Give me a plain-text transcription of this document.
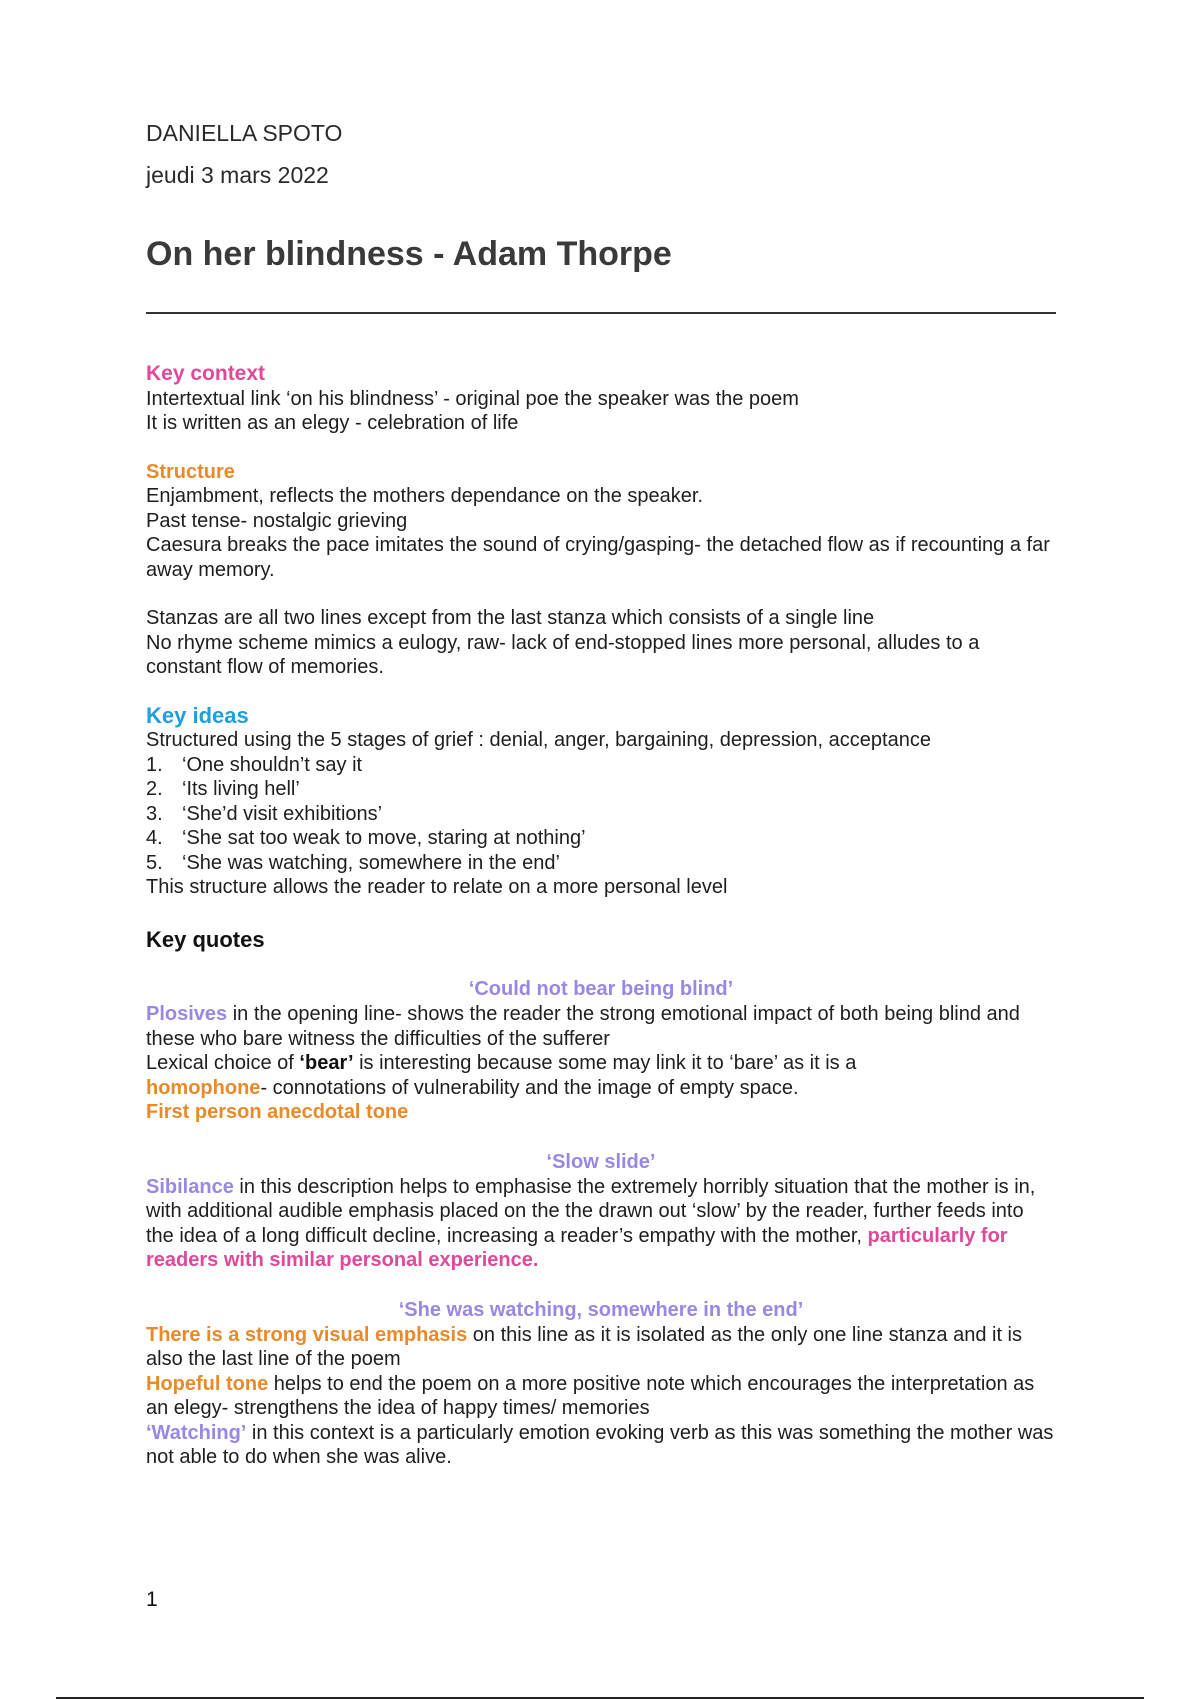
DANIELLA SPOTO

jeudi 3 mars 2022

On her blindness - Adam Thorpe

Key context

Intertextual link ‘on his blindness’ - original poe the speaker was the poem

It is written as an elegy - celebration of life

Structure

Enjambment, reflects the mothers dependance on the speaker.

Past tense- nostalgic grieving

Caesura breaks the pace imitates the sound of crying/gasping- the detached flow as if recounting a far away memory.

Stanzas are all two lines except from the last stanza which consists of a single line

No rhyme scheme mimics a eulogy, raw- lack of end-stopped lines more personal, alludes to a constant flow of memories.

Key ideas

Structured using the 5 stages of grief : denial, anger, bargaining, depression, acceptance

1. ‘One shouldn’t say it
2. ‘Its living hell’
3. ‘She’d visit exhibitions’
4. ‘She sat too weak to move, staring at nothing’
5. ‘She was watching, somewhere in the end’

This structure allows the reader to relate on a more personal level

Key quotes
‘Could not bear being blind’

Plosives in the opening line- shows the reader the strong emotional impact of both being blind and these who bare witness the difficulties of the sufferer

Lexical choice of ‘bear’ is interesting because some may link it to ‘bare’ as it is a

homophone- connotations of vulnerability and the image of empty space.

First person anecdotal tone

‘Slow slide’

Sibilance in this description helps to emphasise the extremely horribly situation that the mother is in, with additional audible emphasis placed on the the drawn out ‘slow’ by the reader, further feeds into the idea of a long difficult decline, increasing a reader’s empathy with the mother, particularly for readers with similar personal experience.

‘She was watching, somewhere in the end’

There is a strong visual emphasis on this line as it is isolated as the only one line stanza and it is also the last line of the poem

Hopeful tone helps to end the poem on a more positive note which encourages the interpretation as an elegy- strengthens the idea of happy times/ memories

‘Watching’ in this context is a particularly emotion evoking verb as this was something the mother was not able to do when she was alive.

1
